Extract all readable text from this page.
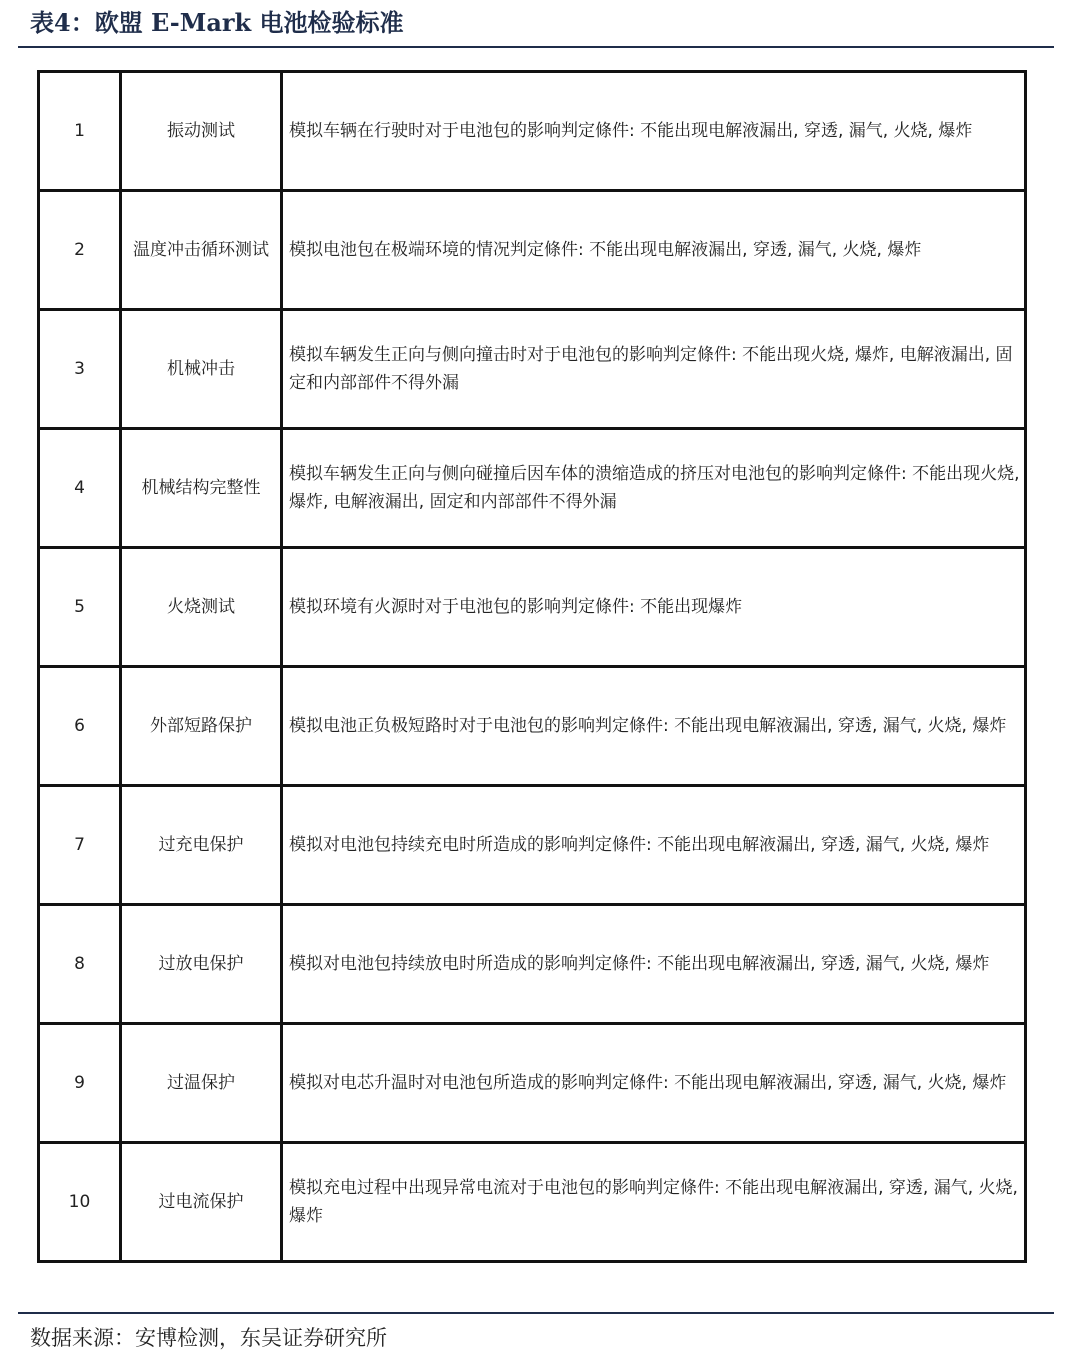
表4：欧盟 E-Mark 电池检验标准
1	振动测试	模拟车辆在行驶时对于电池包的影响判定條件: 不能出现电解液漏出, 穿透, 漏气, 火烧, 爆炸
2	温度冲击循环测试	模拟电池包在极端环境的情况判定條件: 不能出现电解液漏出, 穿透, 漏气, 火烧, 爆炸
3	机械冲击	模拟车辆发生正向与侧向撞击时对于电池包的影响判定條件: 不能出现火烧, 爆炸, 电解液漏出, 固定和内部部件不得外漏
4	机械结构完整性	模拟车辆发生正向与侧向碰撞后因车体的溃缩造成的挤压对电池包的影响判定條件: 不能出现火烧, 爆炸, 电解液漏出, 固定和内部部件不得外漏
5	火烧测试	模拟环境有火源时对于电池包的影响判定條件: 不能出现爆炸
6	外部短路保护	模拟电池正负极短路时对于电池包的影响判定條件: 不能出现电解液漏出, 穿透, 漏气, 火烧, 爆炸
7	过充电保护	模拟对电池包持续充电时所造成的影响判定條件: 不能出现电解液漏出, 穿透, 漏气, 火烧, 爆炸
8	过放电保护	模拟对电池包持续放电时所造成的影响判定條件: 不能出现电解液漏出, 穿透, 漏气, 火烧, 爆炸
9	过温保护	模拟对电芯升温时对电池包所造成的影响判定條件: 不能出现电解液漏出, 穿透, 漏气, 火烧, 爆炸
10	过电流保护	模拟充电过程中出现异常电流对于电池包的影响判定條件: 不能出现电解液漏出, 穿透, 漏气, 火烧, 爆炸
数据来源：安博检测，东吴证券研究所
